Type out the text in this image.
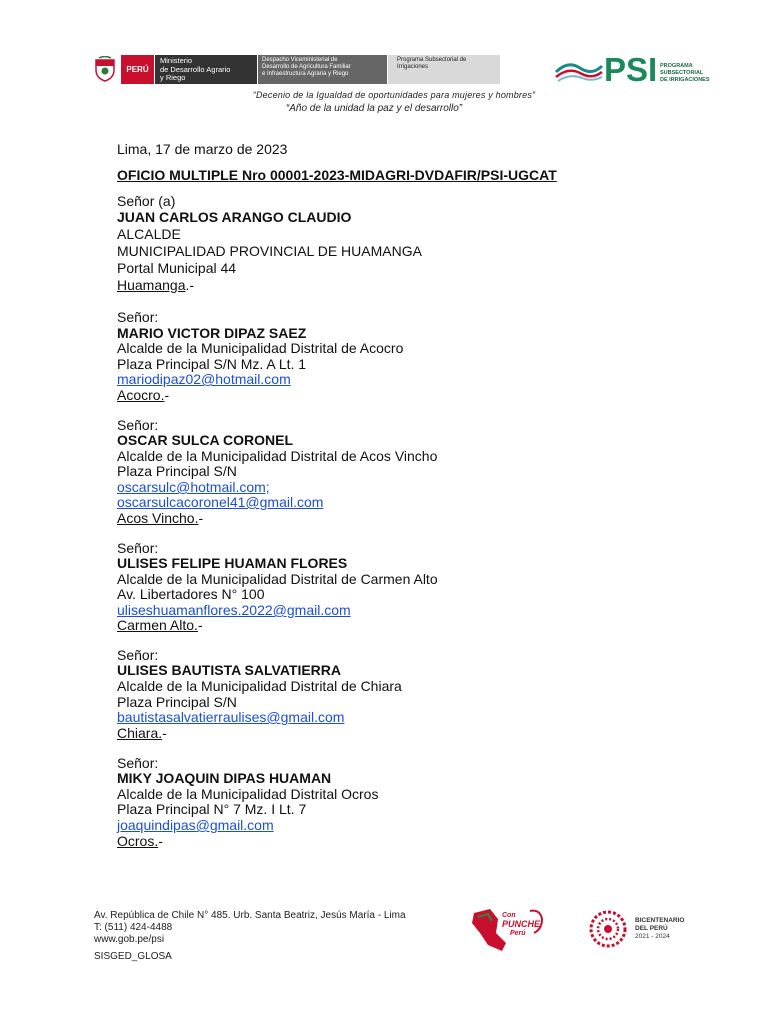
PERÚ
Ministerio
de Desarrollo Agrario
y Riego
Despacho Viceministerial de
Desarrollo de Agricultura Familiar
e Infraestructura Agraria y Riego
Programa Subsectorial de
Irrigaciones	PSI PROGRAMA
SUBSECTORIAL
DE IRRIGACIONES
“Decenio de la Igualdad de oportunidades para mujeres y hombres”
“Año de la unidad la paz y el desarrollo”
Lima, 17 de marzo de 2023
OFICIO MULTIPLE Nro 00001-2023-MIDAGRI-DVDAFIR/PSI-UGCAT
Señor (a)
JUAN CARLOS ARANGO CLAUDIO
ALCALDE
MUNICIPALIDAD PROVINCIAL DE HUAMANGA
Portal Municipal 44
Huamanga.-
Señor:
MARIO VICTOR DIPAZ SAEZ
Alcalde de la Municipalidad Distrital de Acocro
Plaza Principal S/N Mz. A Lt. 1
mariodipaz02@hotmail.com
Acocro.-
Señor:
OSCAR SULCA CORONEL
Alcalde de la Municipalidad Distrital de Acos Vincho
Plaza Principal S/N
oscarsulc@hotmail.com;
oscarsulcacoronel41@gmail.com
Acos Vincho.-
Señor:
ULISES FELIPE HUAMAN FLORES
Alcalde de la Municipalidad Distrital de Carmen Alto
Av. Libertadores N° 100
uliseshuamanflores.2022@gmail.com
Carmen Alto.-
Señor:
ULISES BAUTISTA SALVATIERRA
Alcalde de la Municipalidad Distrital de Chiara
Plaza Principal S/N
bautistasalvatierraulises@gmail.com
Chiara.-
Señor:
MIKY JOAQUIN DIPAS HUAMAN
Alcalde de la Municipalidad Distrital Ocros
Plaza Principal N° 7 Mz. I Lt. 7
joaquindipas@gmail.com
Ocros.-
Av. República de Chile N° 485. Urb. Santa Beatriz, Jesús María - Lima
T: (511) 424-4488
www.gob.pe/psi
SISGED_GLOSA
Con
PUNCHE
Perú
BICENTENARIO
DEL PERÚ
2021 - 2024
